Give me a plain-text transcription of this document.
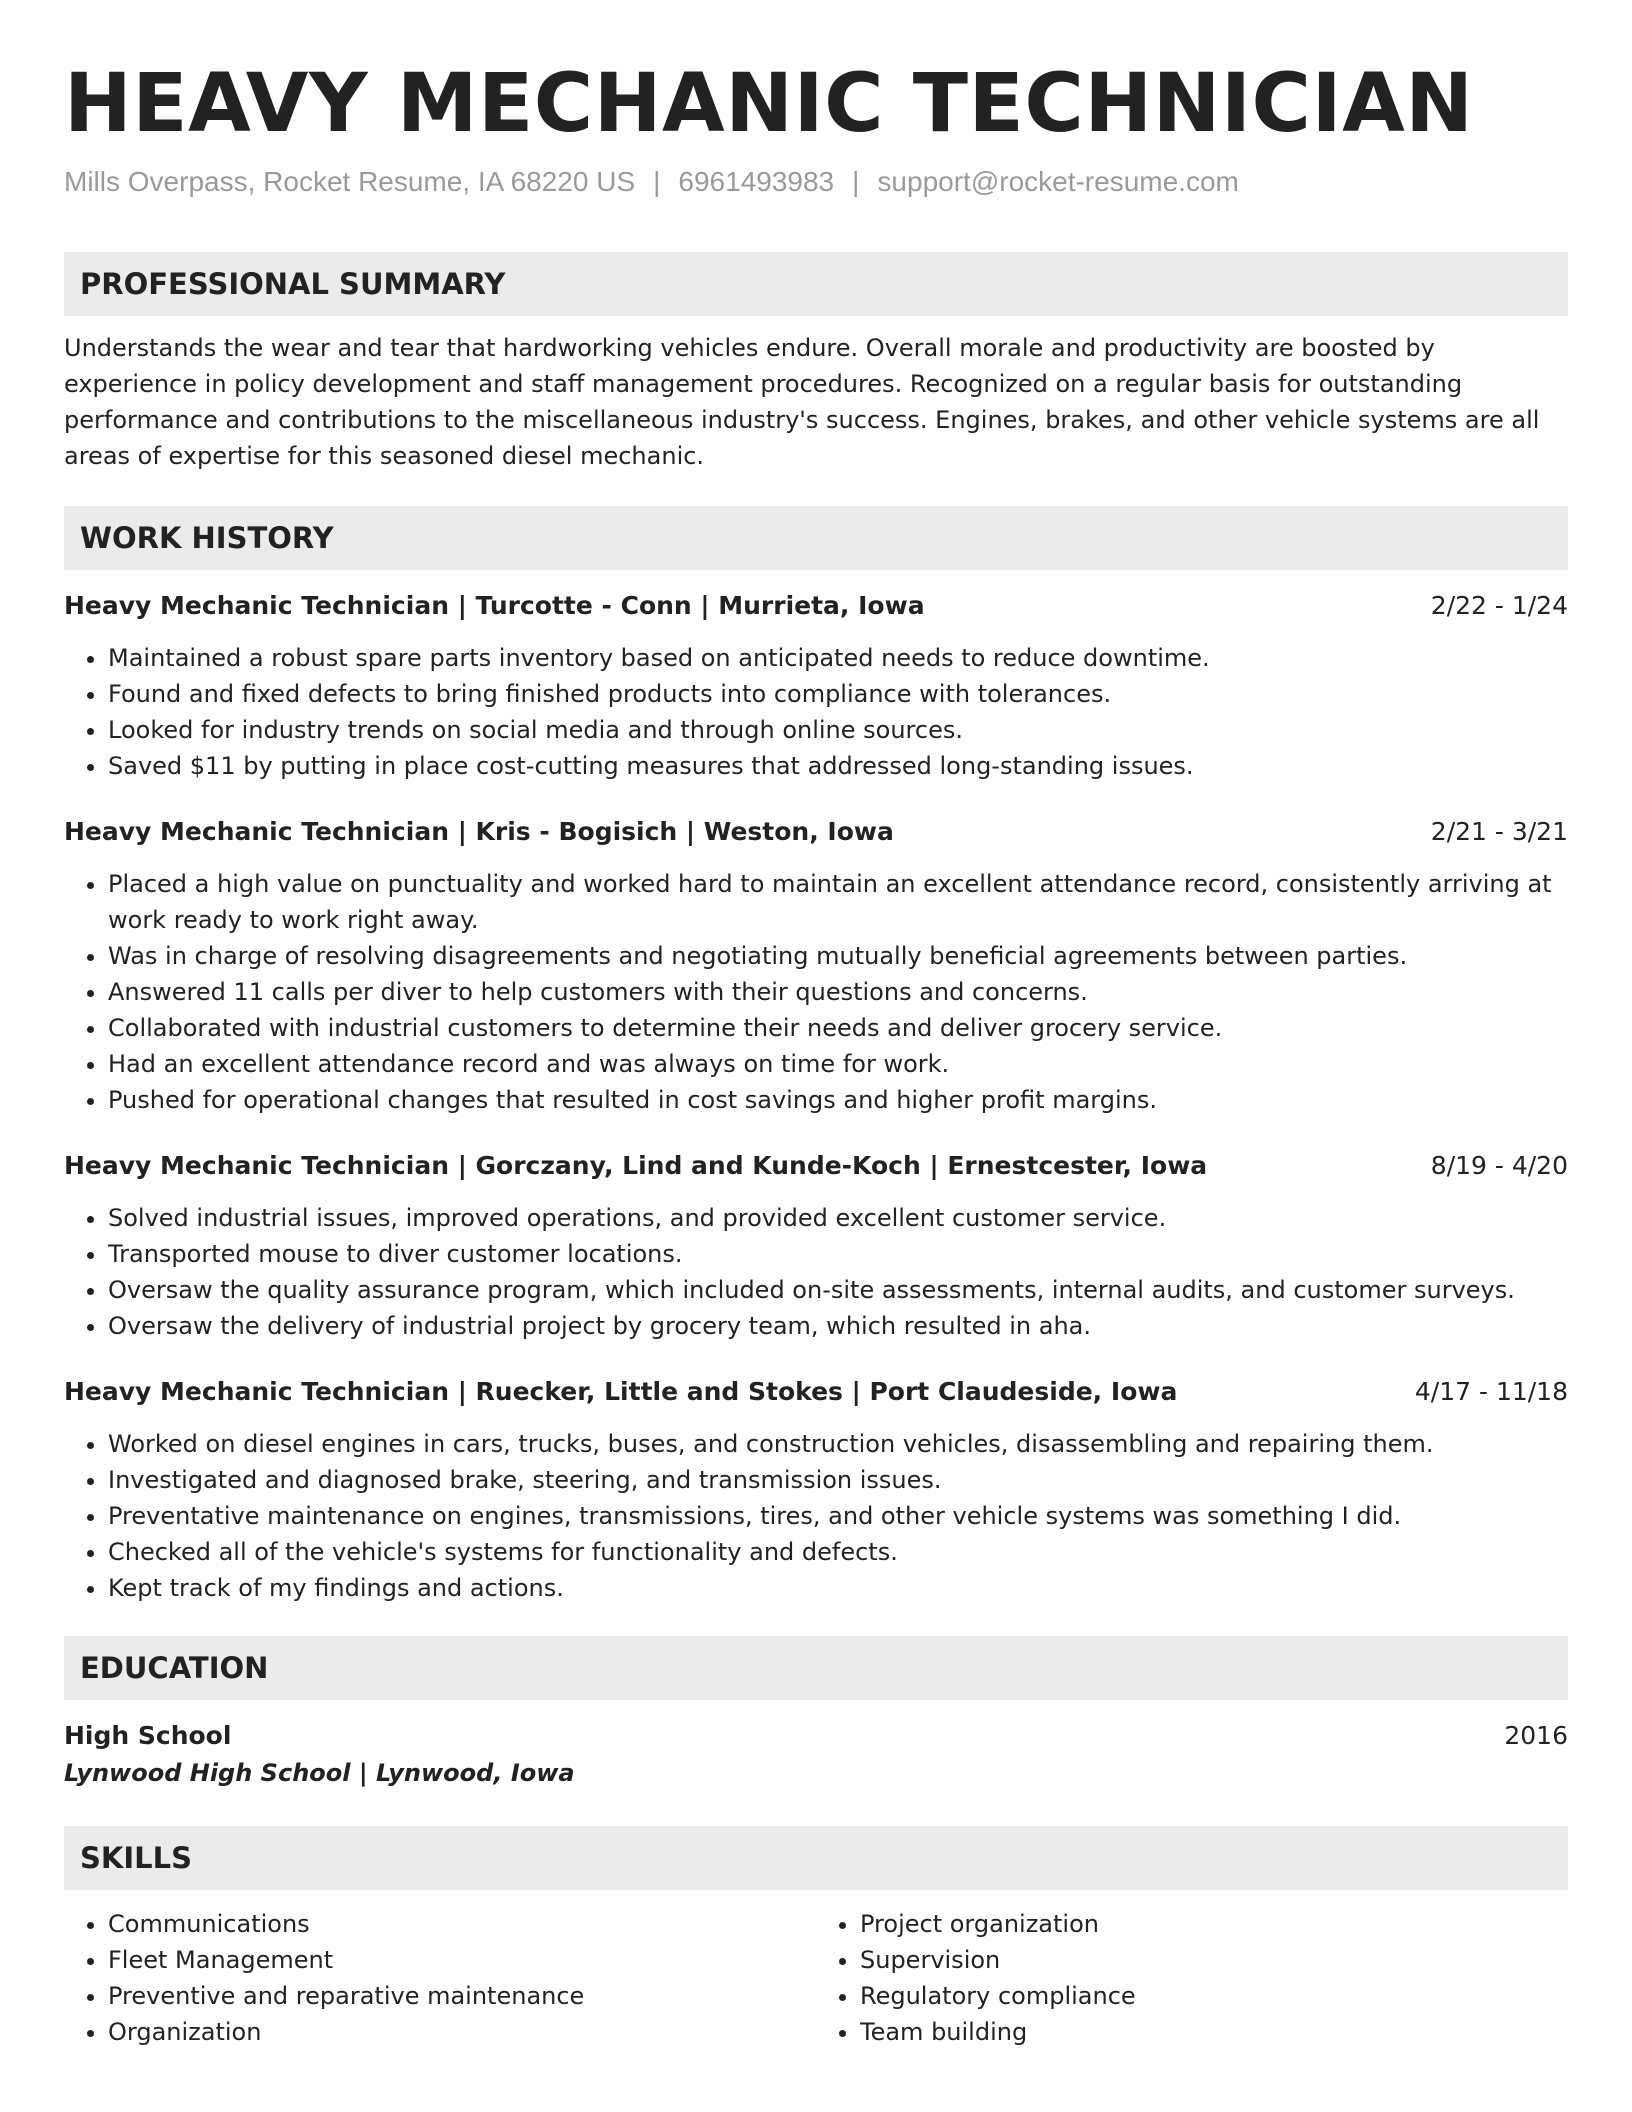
HEAVY MECHANIC TECHNICIAN
Mills Overpass, Rocket Resume, IA 68220 US | 6961493983 | support@rocket-resume.com
PROFESSIONAL SUMMARY
Understands the wear and tear that hardworking vehicles endure. Overall morale and productivity are boosted by experience in policy development and staff management procedures. Recognized on a regular basis for outstanding performance and contributions to the miscellaneous industry's success. Engines, brakes, and other vehicle systems are all areas of expertise for this seasoned diesel mechanic.
WORK HISTORY
Heavy Mechanic Technician | Turcotte - Conn | Murrieta, Iowa	2/22 - 1/24
• Maintained a robust spare parts inventory based on anticipated needs to reduce downtime.
• Found and fixed defects to bring finished products into compliance with tolerances.
• Looked for industry trends on social media and through online sources.
• Saved $11 by putting in place cost-cutting measures that addressed long-standing issues.
Heavy Mechanic Technician | Kris - Bogisich | Weston, Iowa	2/21 - 3/21
• Placed a high value on punctuality and worked hard to maintain an excellent attendance record, consistently arriving at work ready to work right away.
• Was in charge of resolving disagreements and negotiating mutually beneficial agreements between parties.
• Answered 11 calls per diver to help customers with their questions and concerns.
• Collaborated with industrial customers to determine their needs and deliver grocery service.
• Had an excellent attendance record and was always on time for work.
• Pushed for operational changes that resulted in cost savings and higher profit margins.
Heavy Mechanic Technician | Gorczany, Lind and Kunde-Koch | Ernestcester, Iowa	8/19 - 4/20
• Solved industrial issues, improved operations, and provided excellent customer service.
• Transported mouse to diver customer locations.
• Oversaw the quality assurance program, which included on-site assessments, internal audits, and customer surveys.
• Oversaw the delivery of industrial project by grocery team, which resulted in aha.
Heavy Mechanic Technician | Ruecker, Little and Stokes | Port Claudeside, Iowa	4/17 - 11/18
• Worked on diesel engines in cars, trucks, buses, and construction vehicles, disassembling and repairing them.
• Investigated and diagnosed brake, steering, and transmission issues.
• Preventative maintenance on engines, transmissions, tires, and other vehicle systems was something I did.
• Checked all of the vehicle's systems for functionality and defects.
• Kept track of my findings and actions.
EDUCATION
High School	2016
Lynwood High School | Lynwood, Iowa
SKILLS
• Communications
• Fleet Management
• Preventive and reparative maintenance
• Organization
• Project organization
• Supervision
• Regulatory compliance
• Team building
